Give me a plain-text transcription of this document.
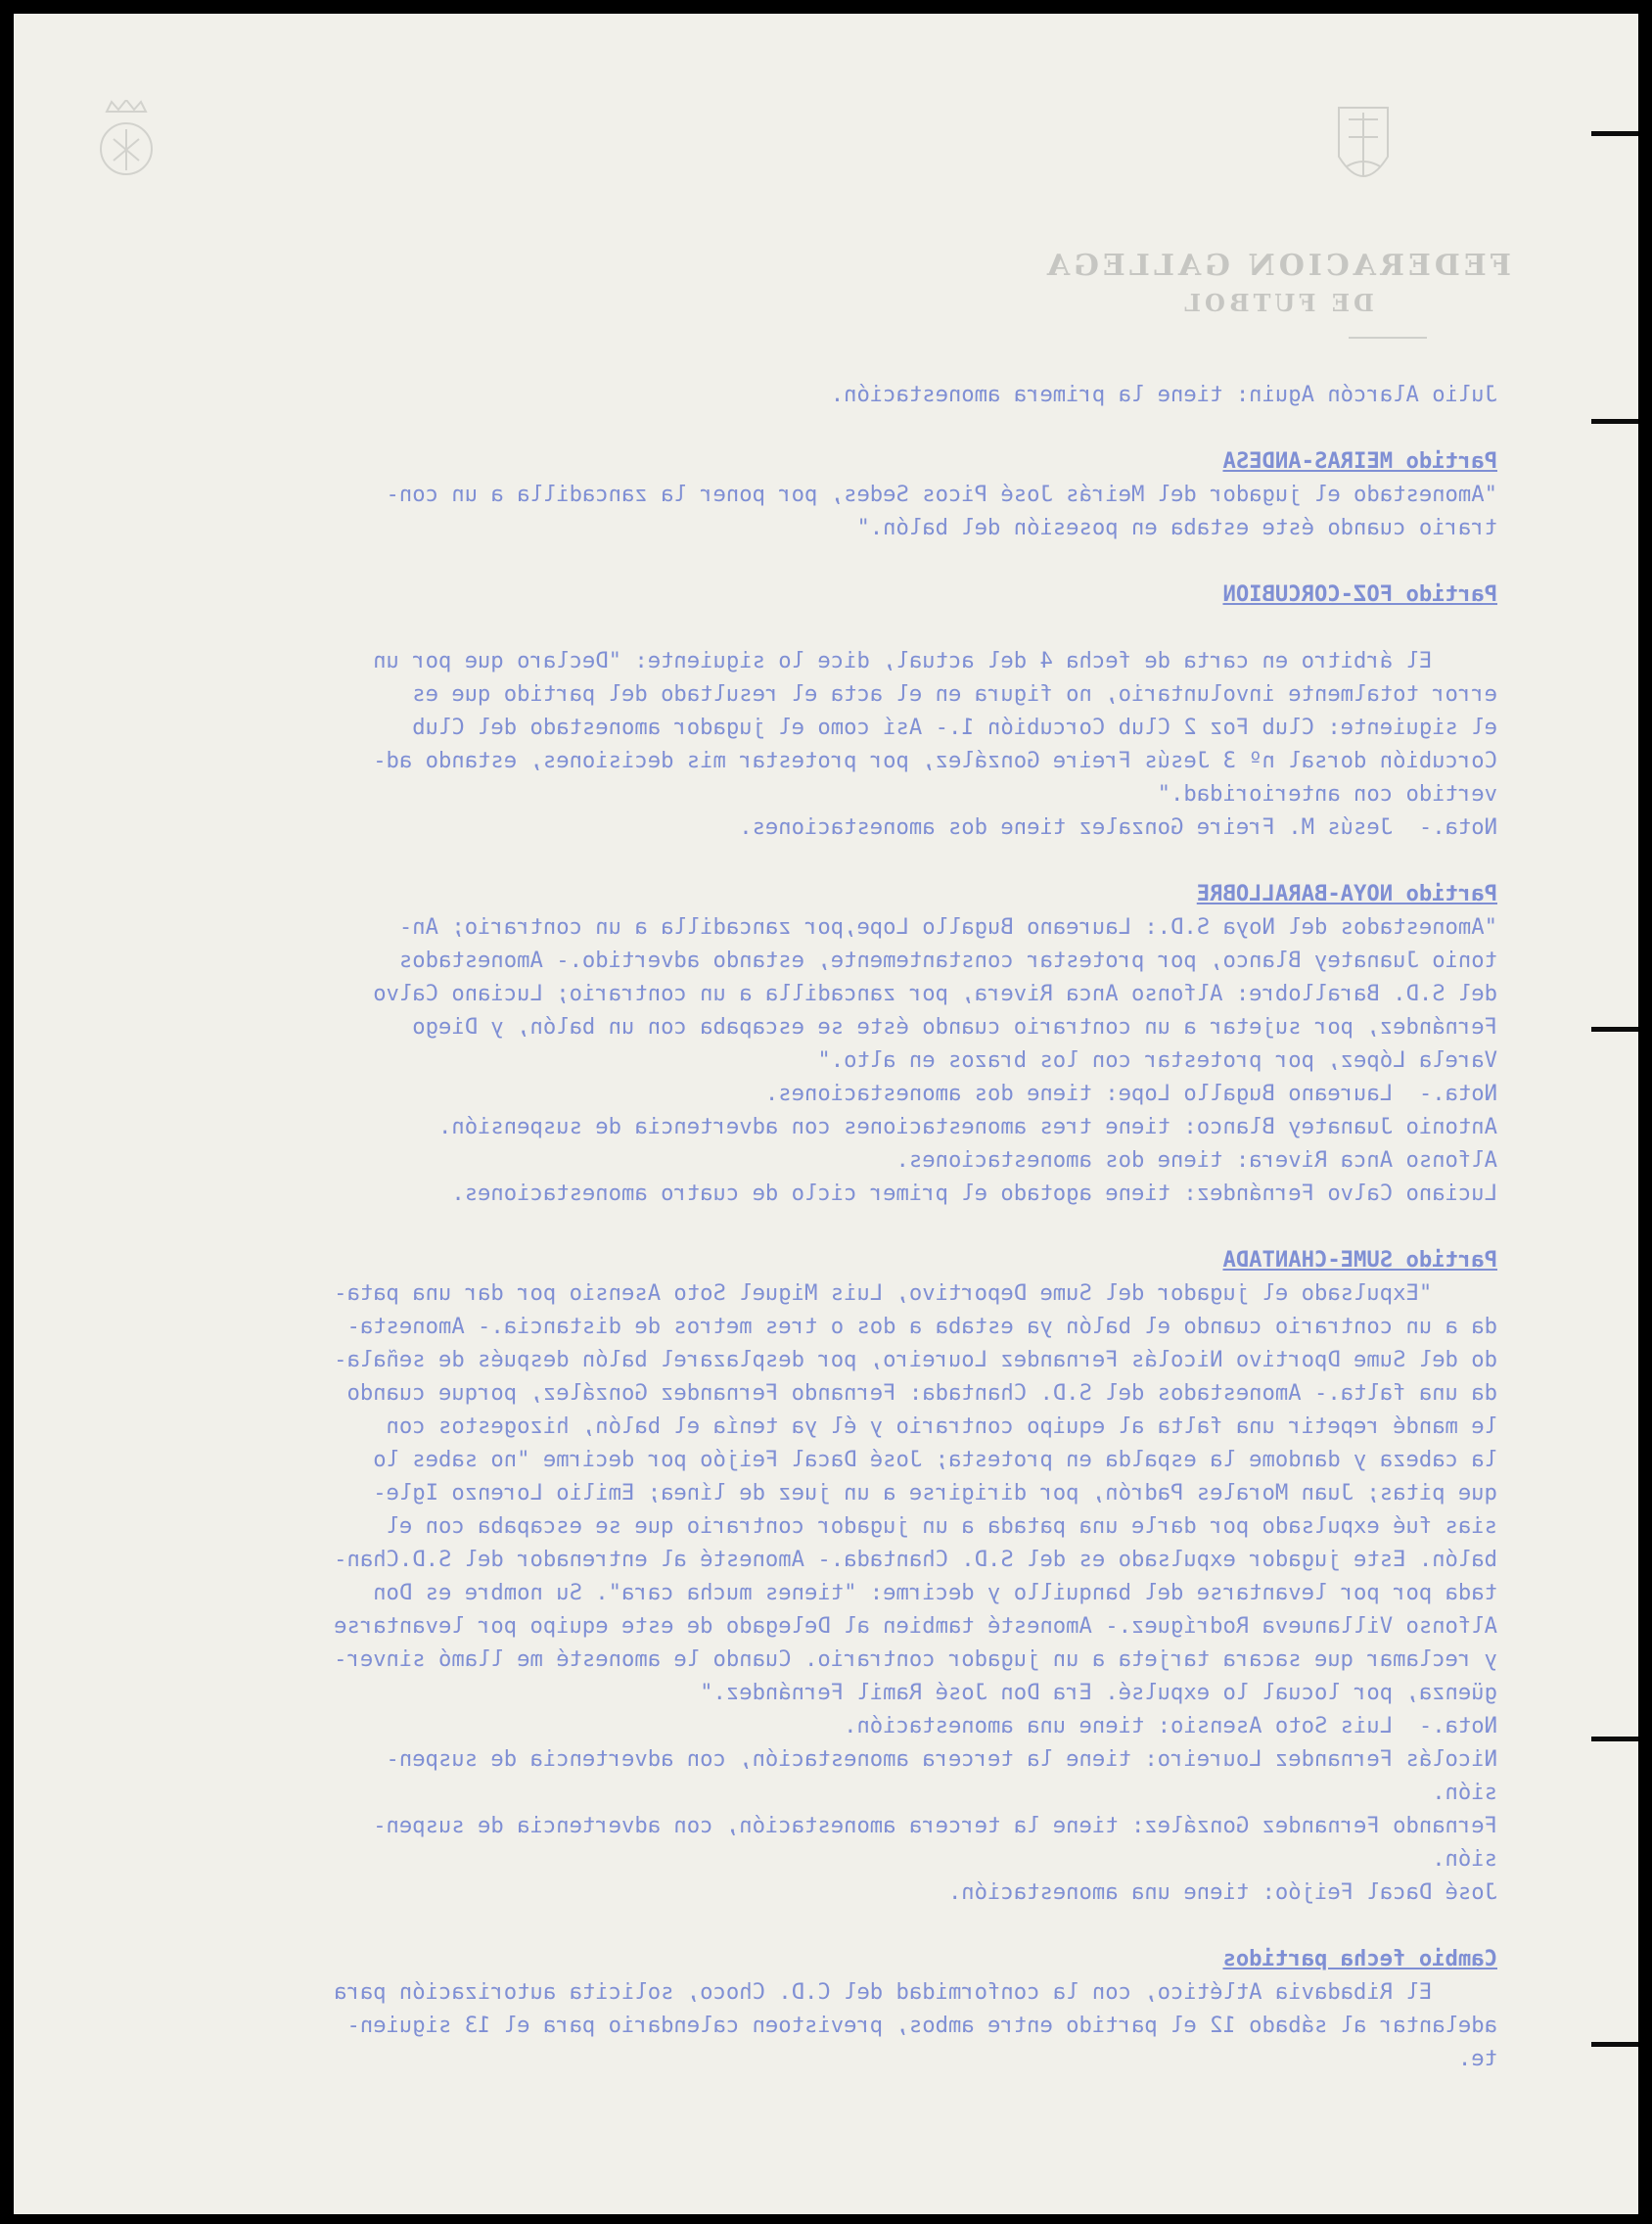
FEDERACION GALLEGA
DE FUTBOL
Julio Alarcón Aguin: tiene la primera amonestación.
Partido MEIRAS-ANDESA
"Amonestado el jugador del Meirás José Picos Sedes, por poner la zancadilla a un con-
trario cuando éste estaba en posesión del balón."
Partido FOZ-CORCUBION
El árbitro en carta de fecha 4 del actual, dice lo siguiente: "Declaro que por un
error totalmente involuntario, no figura en el acta el resultado del partido que es
el siguiente: Club Foz 2 Club Corcubión 1.- Así como el jugador amonestado del Club
Corcubión dorsal nº 3 Jesús Freire González, por protestar mis decisiones, estando ad-
vertido con anterioridad."
Nota.-  Jesús M. Freire Gonzalez tiene dos amonestaciones.
Partido NOYA-BARALLOBRE
"Amonestados del Noya S.D.: Laureano Bugallo Lope,por zancadilla a un contrario; An-
tonio Juanatey Blanco, por protestar constantemente, estando advertido.- Amonestados
del S.D. Barallobre: Alfonso Anca Rivera, por zancadilla a un contrario; Luciano Calvo
Fernández, por sujetar a un contrario cuando éste se escapaba con un balón, y Diego
Varela López, por protestar con los brazos en alto."
Nota.-  Laureano Bugallo Lope: tiene dos amonestaciones.
Antonio Juanatey Blanco: tiene tres amonestaciones con advertencia de suspensión.
Alfonso Anca Rivera: tiene dos amonestaciones.
Luciano Calvo Fernández: tiene agotado el primer ciclo de cuatro amonestaciones.
Partido SUME-CHANTADA
"Expulsado el jugador del Sume Deportivo, Luis Miguel Soto Asensio por dar una pata-
da a un contrario cuando el balón ya estaba a dos o tres metros de distancia.- Amonesta-
do del Sume Dportivo Nicolás Fernandez Loureiro, por desplazarel balón después de señala-
da una falta.- Amonestados del S.D. Chantada: Fernando Fernandez González, porque cuando
le mandé repetir una falta al equipo contrario y él ya tenía el balón, hizogestos con
la cabeza y dandome la espalda en protesta; José Dacal Feijóo por decirme "no sabes lo
que pitas; Juan Morales Padrón, por dirigirse a un juez de línea; Emilio Lorenzo Igle-
sias fué expulsado por darle una patada a un jugador contrario que se escapaba con el
balón. Este jugador expulsado es del S.D. Chantada.- Amonesté al entrenador del S.D.Chan-
tada por por levantarse del banquillo y decirme: "tienes mucha cara". Su nombre es Don
Alfonso Villanueva Rodríguez.- Amonesté tambien al Delegado de este equipo por levantarse
y reclamar que sacara tarjeta a un jugador contrario. Cuando le amonesté me llamó sinver-
güenza, por locual lo expulsé. Era Don José Ramil Fernández."
Nota.-  Luis Soto Asensio: tiene una amonestación.
Nicolás Fernandez Loureiro: tiene la tercera amonestación, con advertencia de suspen-
sión.
Fernando Fernandez González: tiene la tercera amonestación, con advertencia de suspen-
sión.
José Dacal Feijóo: tiene una amonestación.
Cambio fecha partidos
El Ribadavia Atlético, con la conformidad del C.D. Choco, solicita autorización para
adelantar al sábado 12 el partido entre ambos, previstoen calendario para el 13 siguien-
te.
